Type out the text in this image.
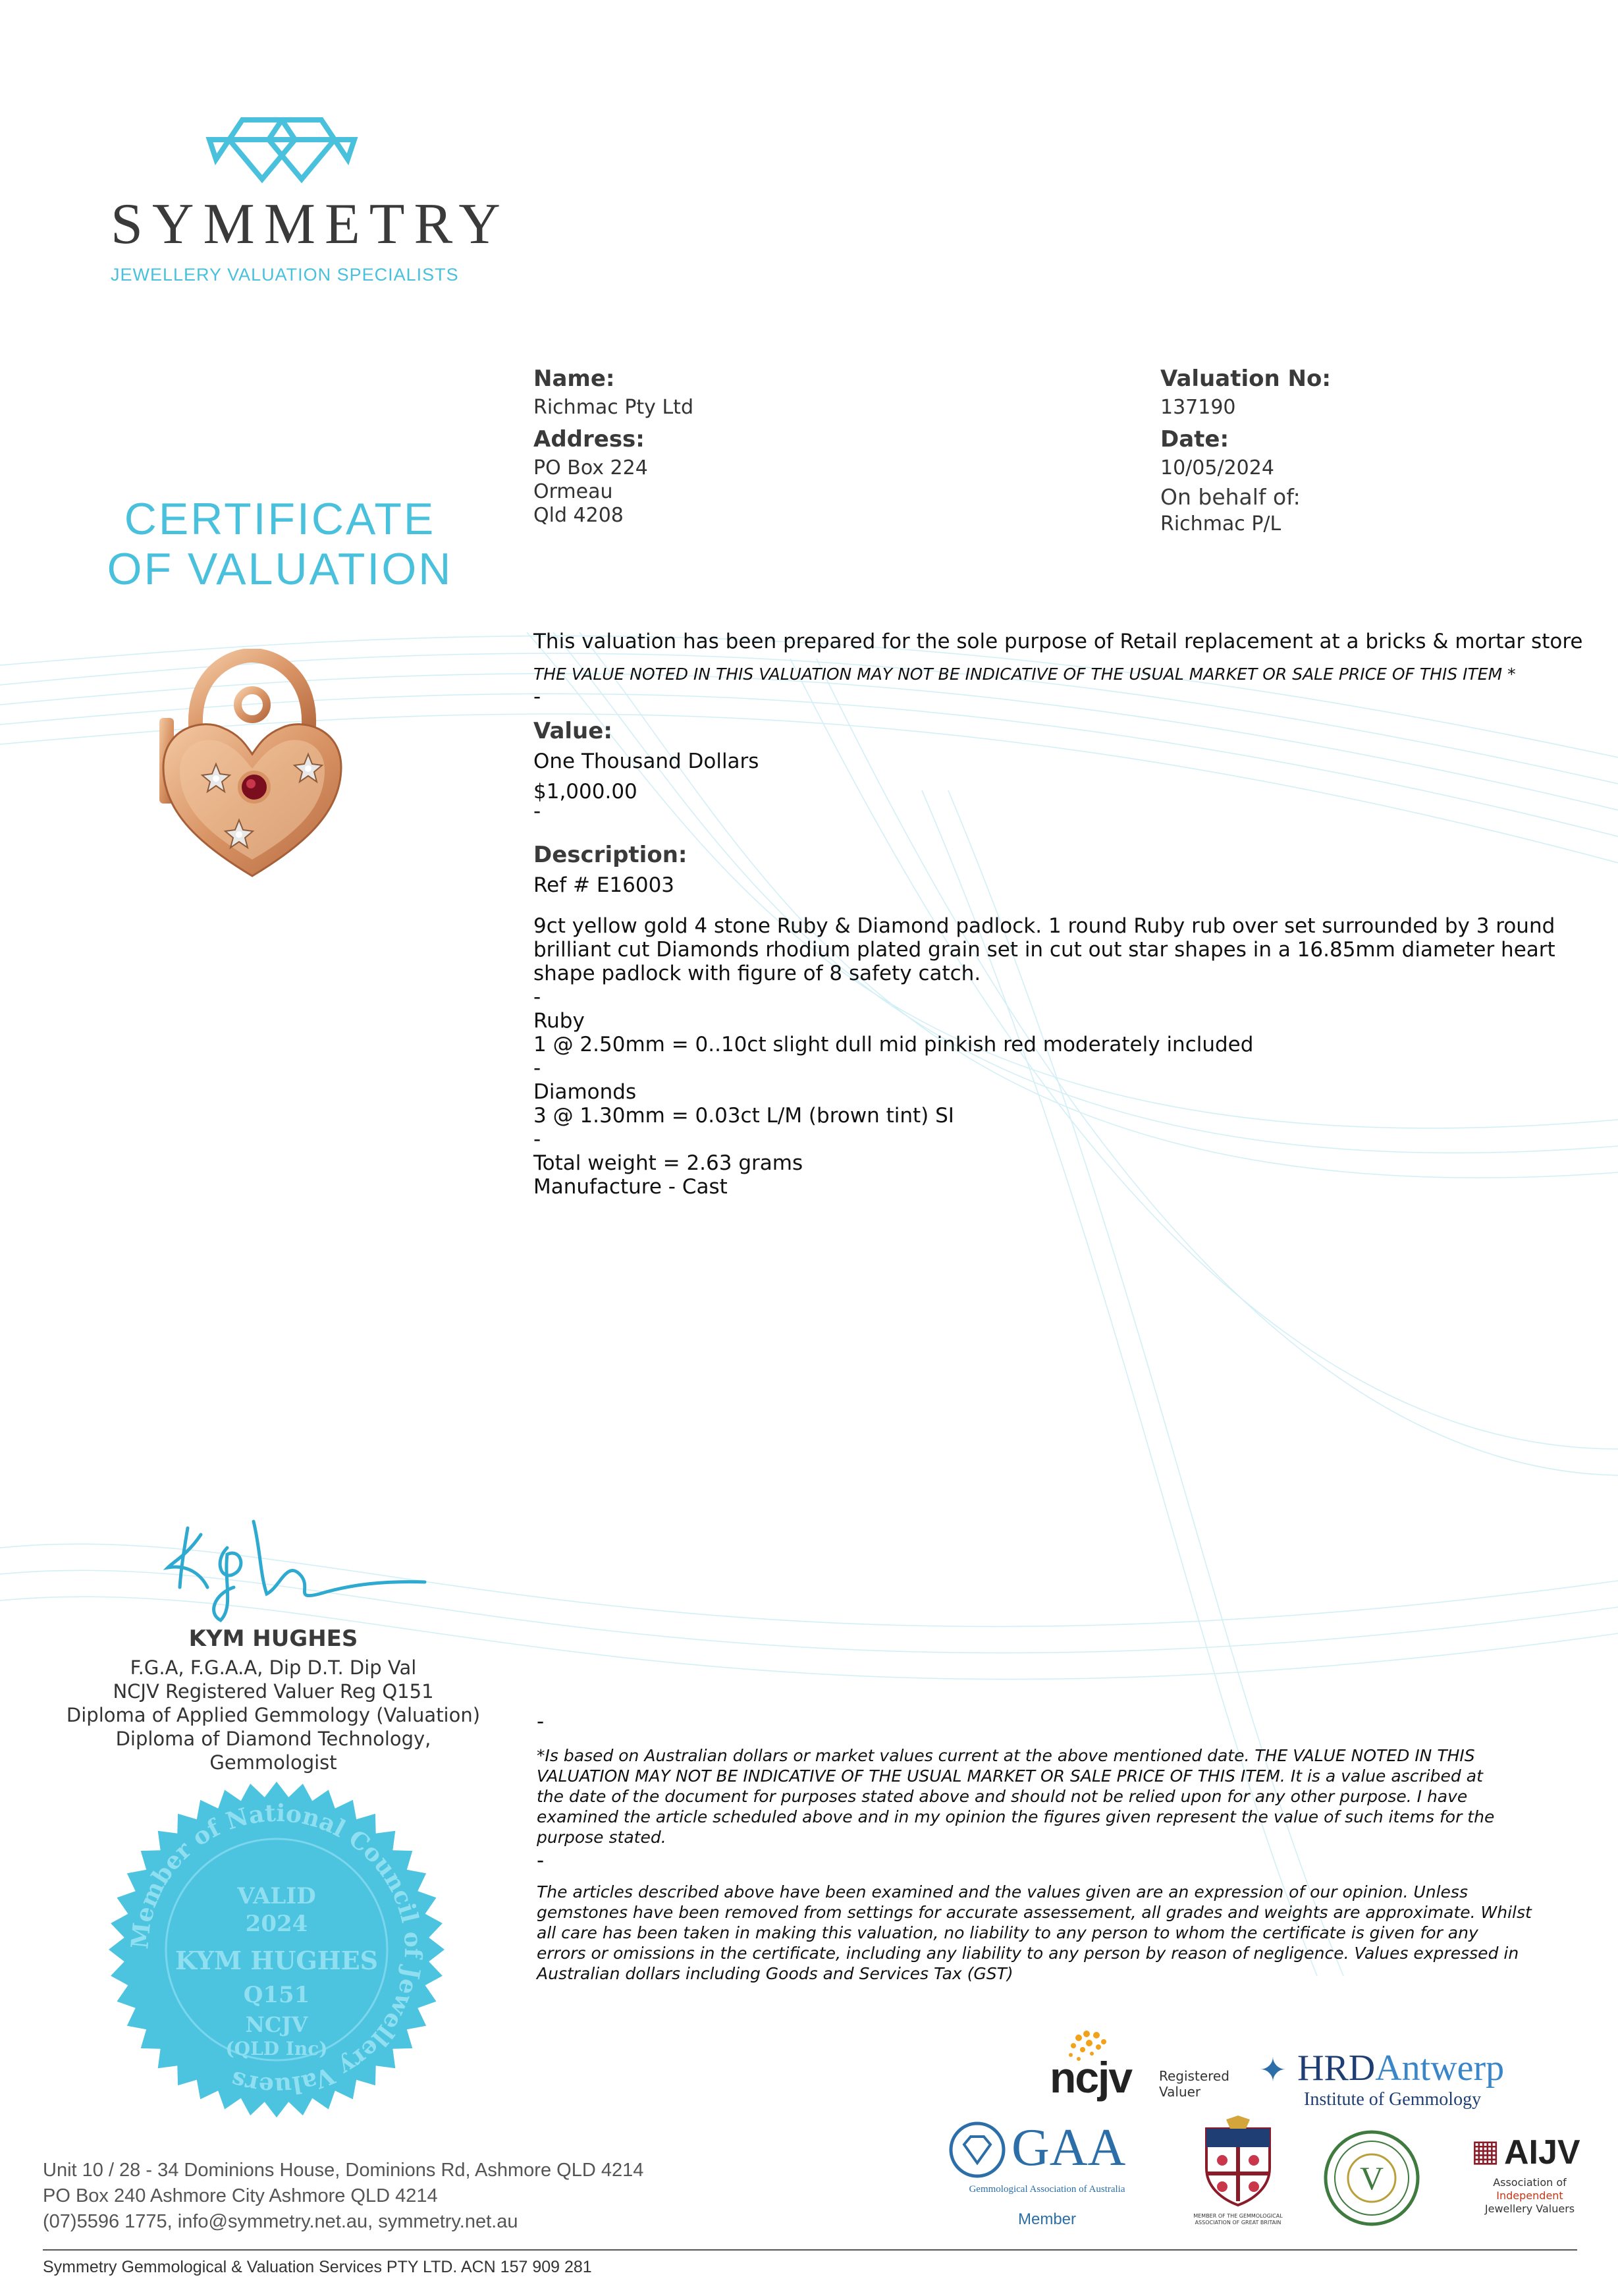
SYMMETRY
JEWELLERY VALUATION SPECIALISTS
CERTIFICATE
OF VALUATION
Name:
Richmac Pty Ltd
Address:
PO Box 224
Ormeau
Qld 4208
Valuation No:
137190
Date:
10/05/2024
On behalf of:
Richmac P/L
This valuation has been prepared for the sole purpose of Retail replacement at a bricks & mortar store
THE VALUE NOTED IN THIS VALUATION MAY NOT BE INDICATIVE OF THE USUAL MARKET OR SALE PRICE OF THIS ITEM *
-
Value:
One Thousand Dollars
$1,000.00
-
Description:
Ref # E16003
9ct yellow gold 4 stone Ruby & Diamond padlock. 1 round Ruby rub over set surrounded by 3 round
brilliant cut Diamonds rhodium plated grain set in cut out star shapes in a 16.85mm diameter heart
shape padlock with figure of 8 safety catch.
-
Ruby
1 @ 2.50mm = 0..10ct slight dull mid pinkish red moderately included
-
Diamonds
3 @ 1.30mm = 0.03ct L/M (brown tint) SI
-
Total weight = 2.63 grams
Manufacture - Cast
KYM HUGHES
F.G.A, F.G.A.A, Dip D.T. Dip Val
NCJV Registered Valuer Reg Q151
Diploma of Applied Gemmology (Valuation)
Diploma of Diamond Technology,
Gemmologist
Member of National Council of Jewellery Valuers
VALID
2024
KYM HUGHES
Q151
NCJV
(QLD Inc)
-
*Is based on Australian dollars or market values current at the above mentioned date. THE VALUE NOTED IN THIS
VALUATION MAY NOT BE INDICATIVE OF THE USUAL MARKET OR SALE PRICE OF THIS ITEM. It is a value ascribed at
the date of the document for purposes stated above and should not be relied upon for any other purpose. I have
examined the article scheduled above and in my opinion the figures given represent the value of such items for the
purpose stated.
-
The articles described above have been examined and the values given are an expression of our opinion. Unless
gemstones have been removed from settings for accurate assessement, all grades and weights are approximate. Whilst
all care has been taken in making this valuation, no liability to any person to whom the certificate is given for any
errors or omissions in the certificate, including any liability to any person by reason of negligence. Values expressed in
Australian dollars including Goods and Services Tax (GST)
ncjv Registered
Valuer
✦ HRDAntwerp
Institute of Gemmology
GAA
Gemmological Association of Australia
Member	MEMBER OF THE GEMMOLOGICAL ASSOCIATION OF GREAT BRITAIN
V
▦ AIJV
Association of
Independent
Jewellery Valuers
Unit 10 / 28 - 34 Dominions House, Dominions Rd, Ashmore QLD 4214
PO Box 240 Ashmore City Ashmore QLD 4214
(07)5596 1775, info@symmetry.net.au, symmetry.net.au
Symmetry Gemmological & Valuation Services PTY LTD. ACN 157 909 281
